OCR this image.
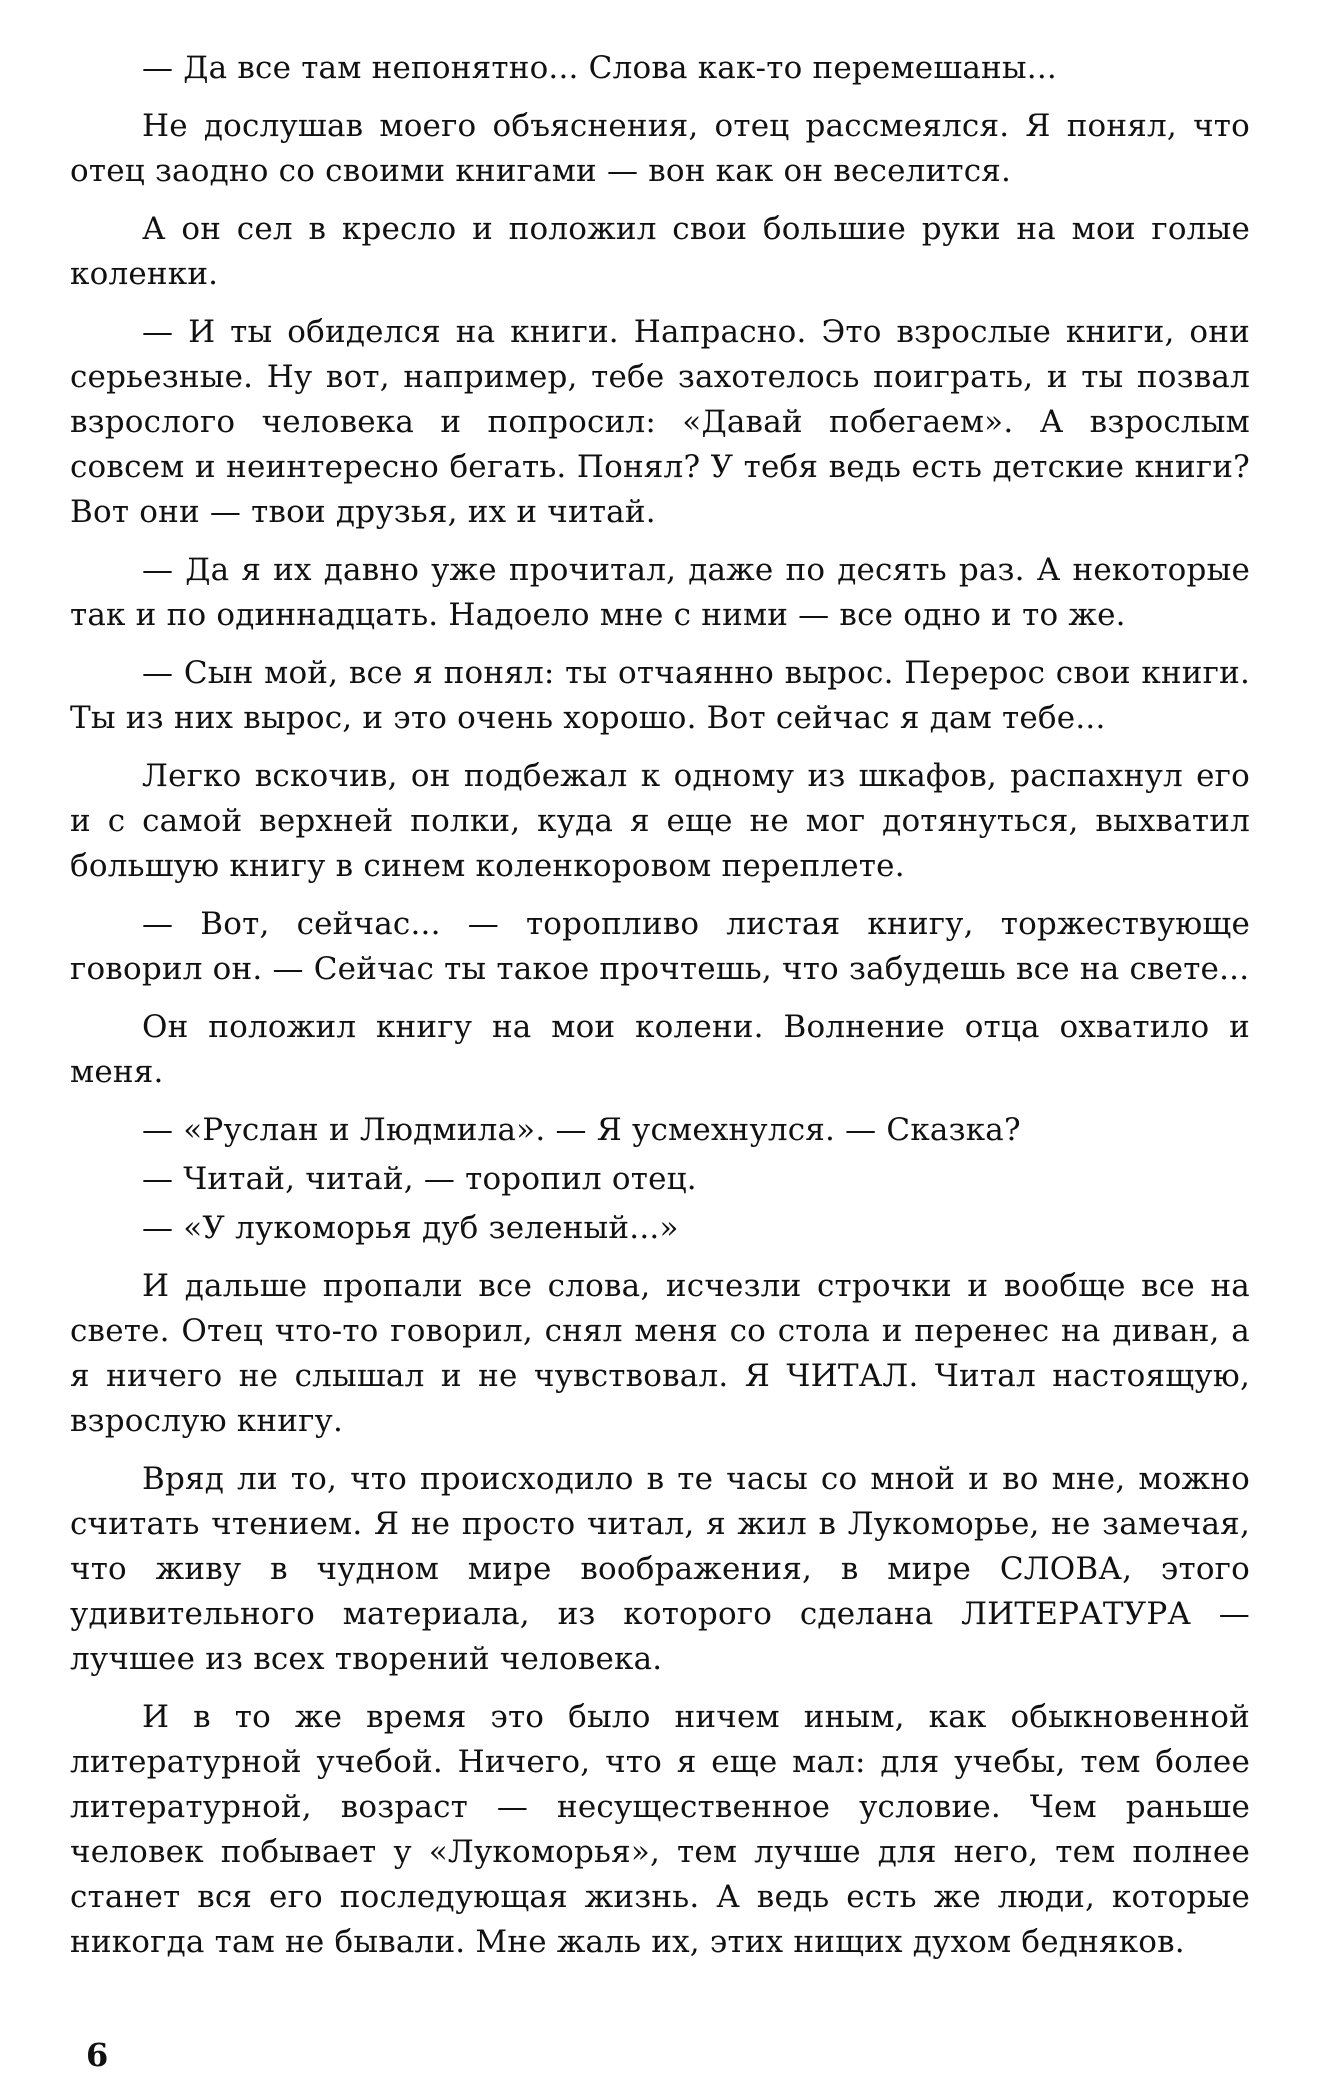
— Да все там непонятно... Слова как-то перемешаны...

Не дослушав моего объяснения, отец рассмеялся. Я понял, что отец заодно со своими книгами — вон как он веселится.

А он сел в кресло и положил свои большие руки на мои голые коленки.

— И ты обиделся на книги. Напрасно. Это взрослые книги, они серьезные. Ну вот, например, тебе захотелось поиграть, и ты позвал взрослого человека и попросил: «Давай побегаем». А взрослым совсем и неинтересно бегать. Понял? У тебя ведь есть детские книги? Вот они — твои друзья, их и читай.

— Да я их давно уже прочитал, даже по десять раз. А некоторые так и по одиннадцать. Надоело мне с ними — все одно и то же.

— Сын мой, все я понял: ты отчаянно вырос. Перерос свои книги. Ты из них вырос, и это очень хорошо. Вот сейчас я дам тебе...

Легко вскочив, он подбежал к одному из шкафов, распахнул его и с самой верхней полки, куда я еще не мог дотянуться, выхватил большую книгу в синем коленкоровом переплете.

— Вот, сейчас... — торопливо листая книгу, торжествующе говорил он. — Сейчас ты такое прочтешь, что забудешь все на свете...

Он положил книгу на мои колени. Волнение отца охватило и меня.

— «Руслан и Людмила». — Я усмехнулся. — Сказка?

— Читай, читай, — торопил отец.

— «У лукоморья дуб зеленый...»

И дальше пропали все слова, исчезли строчки и вообще все на свете. Отец что-то говорил, снял меня со стола и перенес на диван, а я ничего не слышал и не чувствовал. Я ЧИТАЛ. Читал настоящую, взрослую книгу.

Вряд ли то, что происходило в те часы со мной и во мне, можно считать чтением. Я не просто читал, я жил в Лукоморье, не замечая, что живу в чудном мире воображения, в мире СЛОВА, этого удивительного материала, из которого сделана ЛИТЕРАТУРА — лучшее из всех творений человека.

И в то же время это было ничем иным, как обыкновенной литературной учебой. Ничего, что я еще мал: для учебы, тем более литературной, возраст — несущественное условие. Чем раньше человек побывает у «Лукоморья», тем лучше для него, тем полнее станет вся его последующая жизнь. А ведь есть же люди, которые никогда там не бывали. Мне жаль их, этих нищих духом бедняков.

6
